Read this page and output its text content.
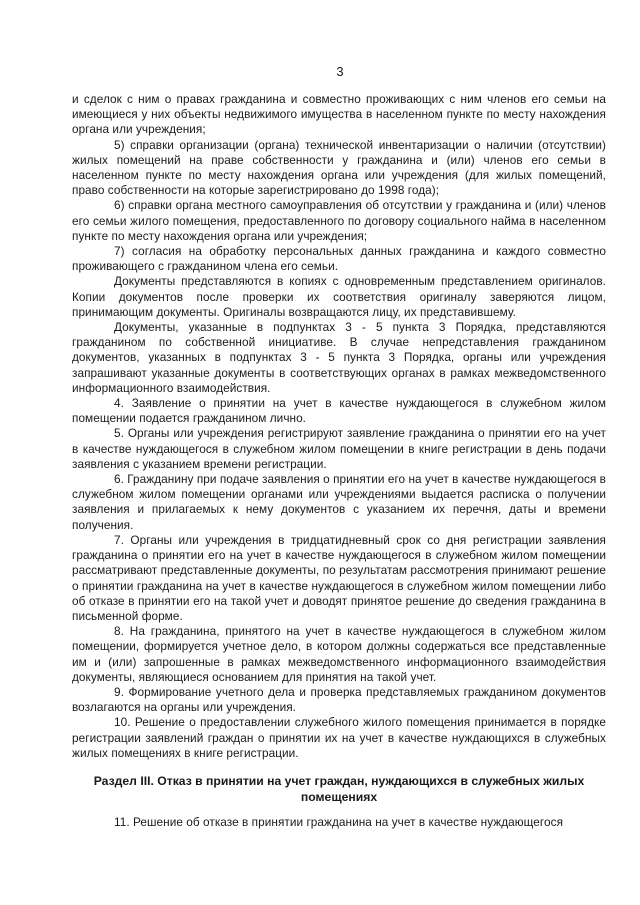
3

и сделок с ним о правах гражданина и совместно проживающих с ним членов его семьи на имеющиеся у них объекты недвижимого имущества в населенном пункте по месту нахождения органа или учреждения;

5) справки организации (органа) технической инвентаризации о наличии (отсутствии) жилых помещений на праве собственности у гражданина и (или) членов его семьи в населенном пункте по месту нахождения органа или учреждения (для жилых помещений, право собственности на которые зарегистрировано до 1998 года);

6) справки органа местного самоуправления об отсутствии у гражданина и (или) членов его семьи жилого помещения, предоставленного по договору социального найма в населенном пункте по месту нахождения органа или учреждения;

7) согласия на обработку персональных данных гражданина и каждого совместно проживающего с гражданином члена его семьи.

Документы представляются в копиях с одновременным представлением оригиналов. Копии документов после проверки их соответствия оригиналу заверяются лицом, принимающим документы. Оригиналы возвращаются лицу, их представившему.

Документы, указанные в подпунктах 3 - 5 пункта 3 Порядка, представляются гражданином по собственной инициативе. В случае непредставления гражданином документов, указанных в подпунктах 3 - 5 пункта 3 Порядка, органы или учреждения запрашивают указанные документы в соответствующих органах в рамках межведомственного информационного взаимодействия.

4. Заявление о принятии на учет в качестве нуждающегося в служебном жилом помещении подается гражданином лично.

5. Органы или учреждения регистрируют заявление гражданина о принятии его на учет в качестве нуждающегося в служебном жилом помещении в книге регистрации в день подачи заявления с указанием времени регистрации.

6. Гражданину при подаче заявления о принятии его на учет в качестве нуждающегося в служебном жилом помещении органами или учреждениями выдается расписка о получении заявления и прилагаемых к нему документов с указанием их перечня, даты и времени получения.

7. Органы или учреждения в тридцатидневный срок со дня регистрации заявления гражданина о принятии его на учет в качестве нуждающегося в служебном жилом помещении рассматривают представленные документы, по результатам рассмотрения принимают решение о принятии гражданина на учет в качестве нуждающегося в служебном жилом помещении либо об отказе в принятии его на такой учет и доводят принятое решение до сведения гражданина в письменной форме.

8. На гражданина, принятого на учет в качестве нуждающегося в служебном жилом помещении, формируется учетное дело, в котором должны содержаться все представленные им и (или) запрошенные в рамках межведомственного информационного взаимодействия документы, являющиеся основанием для принятия на такой учет.

9. Формирование учетного дела и проверка представляемых гражданином документов возлагаются на органы или учреждения.

10. Решение о предоставлении служебного жилого помещения принимается в порядке регистрации заявлений граждан о принятии их на учет в качестве нуждающихся в служебных жилых помещениях в книге регистрации.

Раздел III. Отказ в принятии на учет граждан, нуждающихся в служебных жилых помещениях

11. Решение об отказе в принятии гражданина на учет в качестве нуждающегося
